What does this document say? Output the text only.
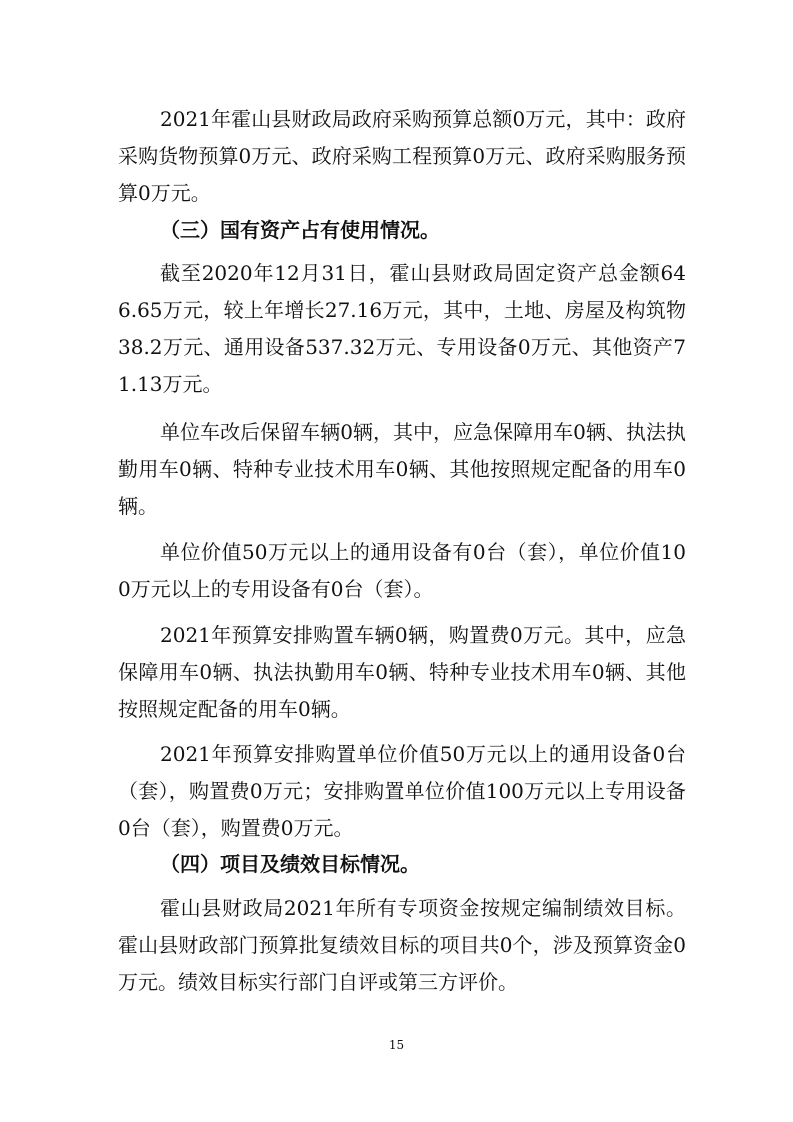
2021年霍山县财政局政府采购预算总额0万元，其中：政府采购货物预算0万元、政府采购工程预算0万元、政府采购服务预算0万元。

（三）国有资产占有使用情况。

截至2020年12月31日，霍山县财政局固定资产总金额646.65万元，较上年增长27.16万元，其中，土地、房屋及构筑物38.2万元、通用设备537.32万元、专用设备0万元、其他资产71.13万元。

单位车改后保留车辆0辆，其中，应急保障用车0辆、执法执勤用车0辆、特种专业技术用车0辆、其他按照规定配备的用车0辆。

单位价值50万元以上的通用设备有0台（套），单位价值100万元以上的专用设备有0台（套）。

2021年预算安排购置车辆0辆，购置费0万元。其中，应急保障用车0辆、执法执勤用车0辆、特种专业技术用车0辆、其他按照规定配备的用车0辆。

2021年预算安排购置单位价值50万元以上的通用设备0台（套），购置费0万元；安排购置单位价值100万元以上专用设备0台（套），购置费0万元。

（四）项目及绩效目标情况。

霍山县财政局2021年所有专项资金按规定编制绩效目标。霍山县财政部门预算批复绩效目标的项目共0个，涉及预算资金0万元。绩效目标实行部门自评或第三方评价。

15
